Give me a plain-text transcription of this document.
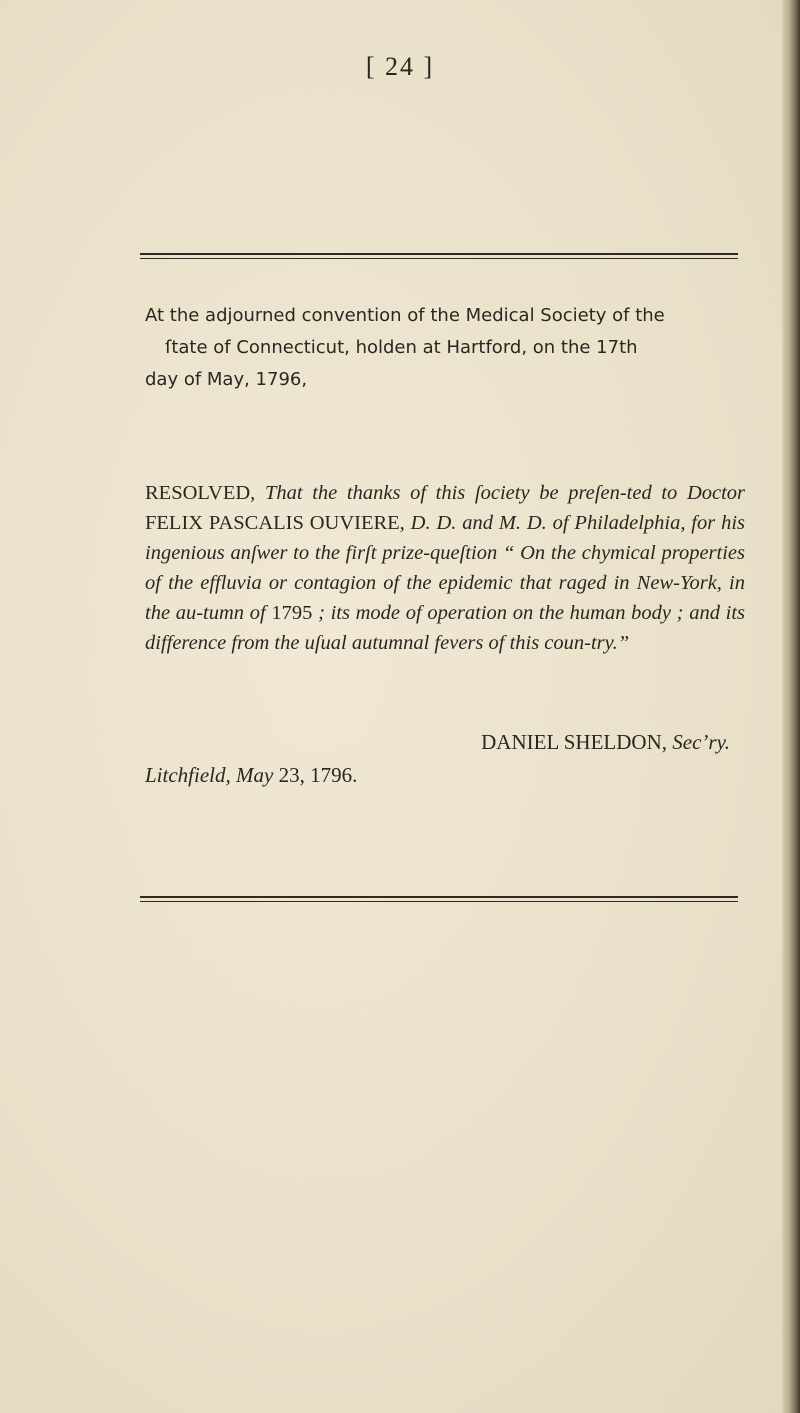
[ 24 ]
At the adjourned convention of the Medical Society of the
ſtate of Connecticut, holden at Hartford, on the 17th
day of May, 1796,
RESOLVED, That the thanks of this ſociety be preſen-ted to Doctor FELIX PASCALIS OUVIERE, D. D. and M. D. of Philadelphia, for his ingenious anſwer to the firſt prize-queſtion “ On the chymical properties of the effluvia or contagion of the epidemic that raged in New-York, in the au-tumn of 1795 ; its mode of operation on the human body ; and its difference from the uſual autumnal fevers of this coun-try.”
DANIEL SHELDON, Sec’ry.
Litchfield, May 23, 1796.
